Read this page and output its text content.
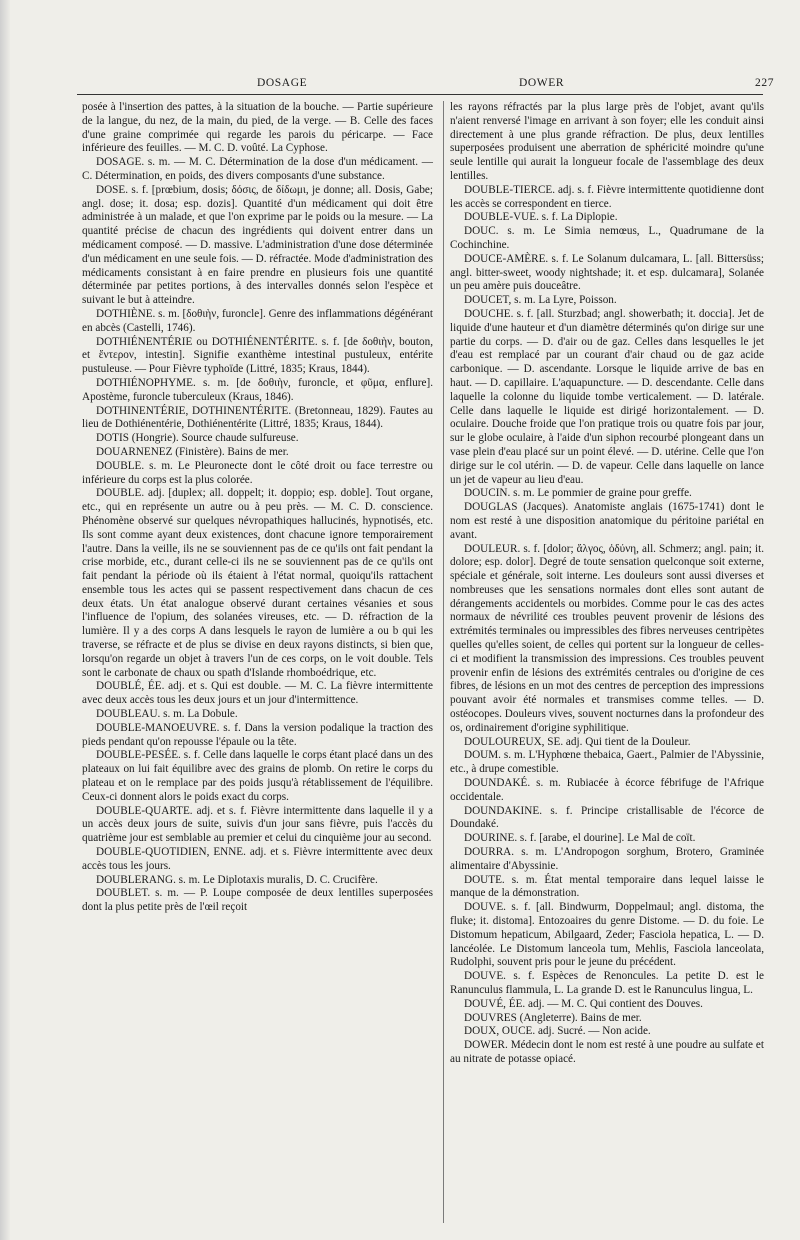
DOSAGE	DOWER	227

posée à l'insertion des pattes, à la situation de la bouche. — Partie supérieure de la langue, du nez, de la main, du pied, de la verge. — B. Celle des faces d'une graine comprimée qui regarde les parois du péricarpe. — Face inférieure des feuilles. — M. C. D. voûté. La Cyphose.

DOSAGE. s. m. — M. C. Détermination de la dose d'un médicament. — C. Détermination, en poids, des divers composants d'une substance.

DOSE. s. f. [prœbium, dosis; δόσις, de δίδωμι, je donne; all. Dosis, Gabe; angl. dose; it. dosa; esp. dozis]. Quantité d'un médicament qui doit être administrée à un malade, et que l'on exprime par le poids ou la mesure. — La quantité précise de chacun des ingrédients qui doivent entrer dans un médicament composé. — D. massive. L'administration d'une dose déterminée d'un médicament en une seule fois. — D. réfractée. Mode d'administration des médicaments consistant à en faire prendre en plusieurs fois une quantité déterminée par petites portions, à des intervalles donnés selon l'espèce et suivant le but à atteindre.

DOTHIÈNE. s. m. [δοθιὴν, furoncle]. Genre des inflammations dégénérant en abcès (Castelli, 1746).

DOTHIÉNENTÉRIE ou DOTHIÉNENTÉRITE. s. f. [de δοθιὴν, bouton, et ἔντερον, intestin]. Signifie exanthème intestinal pustuleux, entérite pustuleuse. — Pour Fièvre typhoïde (Littré, 1835; Kraus, 1844).

DOTHIÉNOPHYME. s. m. [de δοθιὴν, furoncle, et φῦμα, enflure]. Apostème, furoncle tuberculeux (Kraus, 1846).

DOTHINENTÉRIE, DOTHINENTÉRITE. (Bretonneau, 1829). Fautes au lieu de Dothiénentérie, Dothiénentérite (Littré, 1835; Kraus, 1844).

DOTIS (Hongrie). Source chaude sulfureuse.

DOUARNENEZ (Finistère). Bains de mer.

DOUBLE. s. m. Le Pleuronecte dont le côté droit ou face terrestre ou inférieure du corps est la plus colorée.

DOUBLE. adj. [duplex; all. doppelt; it. doppio; esp. doble]. Tout organe, etc., qui en représente un autre ou à peu près. — M. C. D. conscience. Phénomène observé sur quelques névropathiques hallucinés, hypnotisés, etc. Ils sont comme ayant deux existences, dont chacune ignore temporairement l'autre. Dans la veille, ils ne se souviennent pas de ce qu'ils ont fait pendant la crise morbide, etc., durant celle-ci ils ne se souviennent pas de ce qu'ils ont fait pendant la période où ils étaient à l'état normal, quoiqu'ils rattachent ensemble tous les actes qui se passent respectivement dans chacun de ces deux états. Un état analogue observé durant certaines vésanies et sous l'influence de l'opium, des solanées vireuses, etc. — D. réfraction de la lumière. Il y a des corps A dans lesquels le rayon de lumière a ou b qui les traverse, se réfracte et de plus se divise en deux rayons distincts, si bien que, lorsqu'on regarde un objet à travers l'un de ces corps, on le voit double. Tels sont le carbonate de chaux ou spath d'Islande rhomboédrique, etc.

DOUBLÉ, ÉE. adj. et s. Qui est double. — M. C. La fièvre intermittente avec deux accès tous les deux jours et un jour d'intermittence.

DOUBLEAU. s. m. La Dobule.

DOUBLE-MANOEUVRE. s. f. Dans la version podalique la traction des pieds pendant qu'on repousse l'épaule ou la tête.

DOUBLE-PESÉE. s. f. Celle dans laquelle le corps étant placé dans un des plateaux on lui fait équilibre avec des grains de plomb. On retire le corps du plateau et on le remplace par des poids jusqu'à rétablissement de l'équilibre. Ceux-ci donnent alors le poids exact du corps.

DOUBLE-QUARTE. adj. et s. f. Fièvre intermittente dans laquelle il y a un accès deux jours de suite, suivis d'un jour sans fièvre, puis l'accès du quatrième jour est semblable au premier et celui du cinquième jour au second.

DOUBLE-QUOTIDIEN, ENNE. adj. et s. Fièvre intermittente avec deux accès tous les jours.

DOUBLERANG. s. m. Le Diplotaxis muralis, D. C. Crucifère.

DOUBLET. s. m. — P. Loupe composée de deux lentilles superposées dont la plus petite près de l'œil reçoit

les rayons réfractés par la plus large près de l'objet, avant qu'ils n'aient renversé l'image en arrivant à son foyer; elle les conduit ainsi directement à une plus grande réfraction. De plus, deux lentilles superposées produisent une aberration de sphéricité moindre qu'une seule lentille qui aurait la longueur focale de l'assemblage des deux lentilles.

DOUBLE-TIERCE. adj. s. f. Fièvre intermittente quotidienne dont les accès se correspondent en tierce.

DOUBLE-VUE. s. f. La Diplopie.

DOUC. s. m. Le Simia nemœus, L., Quadrumane de la Cochinchine.

DOUCE-AMÈRE. s. f. Le Solanum dulcamara, L. [all. Bittersüss; angl. bitter-sweet, woody nightshade; it. et esp. dulcamara], Solanée un peu amère puis douceâtre.

DOUCET, s. m. La Lyre, Poisson.

DOUCHE. s. f. [all. Sturzbad; angl. showerbath; it. doccia]. Jet de liquide d'une hauteur et d'un diamètre déterminés qu'on dirige sur une partie du corps. — D. d'air ou de gaz. Celles dans lesquelles le jet d'eau est remplacé par un courant d'air chaud ou de gaz acide carbonique. — D. ascendante. Lorsque le liquide arrive de bas en haut. — D. capillaire. L'aquapuncture. — D. descendante. Celle dans laquelle la colonne du liquide tombe verticalement. — D. latérale. Celle dans laquelle le liquide est dirigé horizontalement. — D. oculaire. Douche froide que l'on pratique trois ou quatre fois par jour, sur le globe oculaire, à l'aide d'un siphon recourbé plongeant dans un vase plein d'eau placé sur un point élevé. — D. utérine. Celle que l'on dirige sur le col utérin. — D. de vapeur. Celle dans laquelle on lance un jet de vapeur au lieu d'eau.

DOUCIN. s. m. Le pommier de graine pour greffe.

DOUGLAS (Jacques). Anatomiste anglais (1675-1741) dont le nom est resté à une disposition anatomique du péritoine pariétal en avant.

DOULEUR. s. f. [dolor; ἄλγος, ὀδύνη, all. Schmerz; angl. pain; it. dolore; esp. dolor]. Degré de toute sensation quelconque soit externe, spéciale et générale, soit interne. Les douleurs sont aussi diverses et nombreuses que les sensations normales dont elles sont autant de dérangements accidentels ou morbides. Comme pour le cas des actes normaux de névrilité ces troubles peuvent provenir de lésions des extrémités terminales ou impressibles des fibres nerveuses centripètes quelles qu'elles soient, de celles qui portent sur la longueur de celles-ci et modifient la transmission des impressions. Ces troubles peuvent provenir enfin de lésions des extrémités centrales ou d'origine de ces fibres, de lésions en un mot des centres de perception des impressions pouvant avoir été normales et transmises comme telles. — D. ostéocopes. Douleurs vives, souvent nocturnes dans la profondeur des os, ordinairement d'origine syphilitique.

DOULOUREUX, SE. adj. Qui tient de la Douleur.

DOUM. s. m. L'Hyphœne thebaica, Gaert., Palmier de l'Abyssinie, etc., à drupe comestible.

DOUNDAKÉ. s. m. Rubiacée à écorce fébrifuge de l'Afrique occidentale.

DOUNDAKINE. s. f. Principe cristallisable de l'écorce de Doundaké.

DOURINE. s. f. [arabe, el dourine]. Le Mal de coït.

DOURRA. s. m. L'Andropogon sorghum, Brotero, Graminée alimentaire d'Abyssinie.

DOUTE. s. m. État mental temporaire dans lequel laisse le manque de la démonstration.

DOUVE. s. f. [all. Bindwurm, Doppelmaul; angl. distoma, the fluke; it. distoma]. Entozoaires du genre Distome. — D. du foie. Le Distomum hepaticum, Abilgaard, Zeder; Fasciola hepatica, L. — D. lancéolée. Le Distomum lanceola tum, Mehlis, Fasciola lanceolata, Rudolphi, souvent pris pour le jeune du précédent.

DOUVE. s. f. Espèces de Renoncules. La petite D. est le Ranunculus flammula, L. La grande D. est le Ranunculus lingua, L.

DOUVÉ, ÉE. adj. — M. C. Qui contient des Douves.

DOUVRES (Angleterre). Bains de mer.

DOUX, OUCE. adj. Sucré. — Non acide.

DOWER. Médecin dont le nom est resté à une poudre au sulfate et au nitrate de potasse opiacé.
